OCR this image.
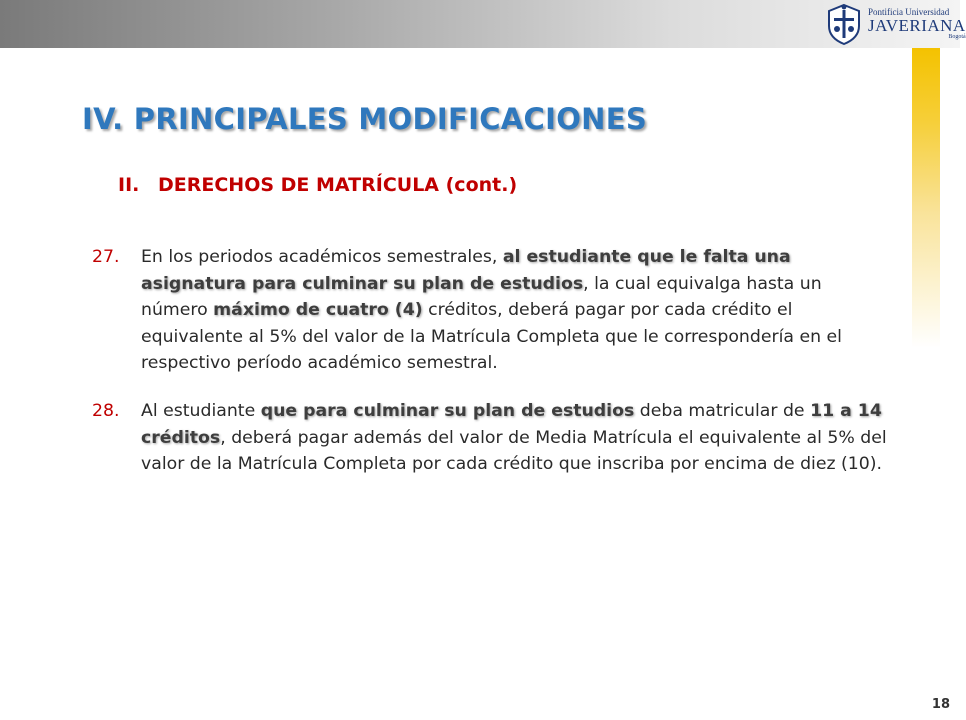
Pontificia Universidad
JAVERIANA
Bogotá
IV. PRINCIPALES MODIFICACIONES
II. DERECHOS DE MATRÍCULA (cont.)
27.	En los periodos académicos semestrales, al estudiante que le falta una asignatura para culminar su plan de estudios, la cual equivalga hasta un número máximo de cuatro (4) créditos, deberá pagar por cada crédito el equivalente al 5% del valor de la Matrícula Completa que le correspondería en el respectivo período académico semestral.
28.	Al estudiante que para culminar su plan de estudios deba matricular de 11 a 14 créditos, deberá pagar además del valor de Media Matrícula el equivalente al 5% del valor de la Matrícula Completa por cada crédito que inscriba por encima de diez (10).
18
